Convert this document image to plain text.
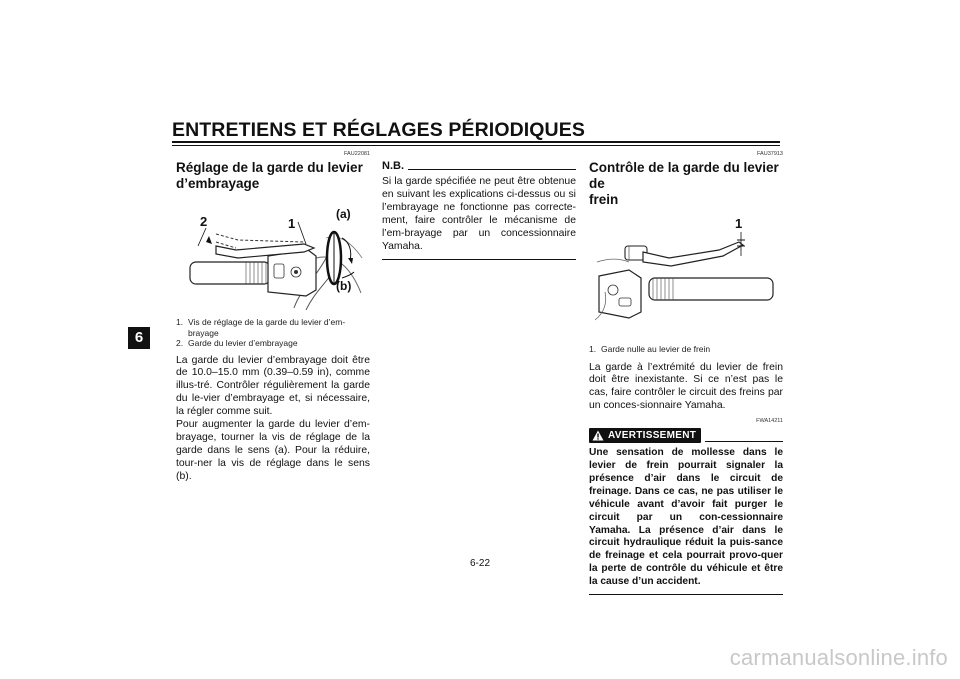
ENTRETIENS ET RÉGLAGES PÉRIODIQUES
6
FAU22081
Réglage de la garde du levier
d’embrayage
2	1
(a)
(b)
1. Vis de réglage de la garde du levier d’em-
brayage
2. Garde du levier d’embrayage
La garde du levier d’embrayage doit être de 10.0–15.0 mm (0.39–0.59 in), comme illus-tré. Contrôler régulièrement la garde du le-vier d’embrayage et, si nécessaire, la régler comme suit.
Pour augmenter la garde du levier d’em-brayage, tourner la vis de réglage de la garde dans le sens (a). Pour la réduire, tour-ner la vis de réglage dans le sens (b).
N.B.
Si la garde spécifiée ne peut être obtenue en suivant les explications ci-dessus ou si l’embrayage ne fonctionne pas correcte-ment, faire contrôler le mécanisme de l’em-brayage par un concessionnaire Yamaha.
FAU37913
Contrôle de la garde du levier de
frein
1
1. Garde nulle au levier de frein
La garde à l’extrémité du levier de frein doit être inexistante. Si ce n’est pas le cas, faire contrôler le circuit des freins par un conces-sionnaire Yamaha.
FWA14211
AVERTISSEMENT
Une sensation de mollesse dans le levier de frein pourrait signaler la présence d’air dans le circuit de freinage. Dans ce cas, ne pas utiliser le véhicule avant d’avoir fait purger le circuit par un con-cessionnaire Yamaha. La présence d’air dans le circuit hydraulique réduit la puis-sance de freinage et cela pourrait provo-quer la perte de contrôle du véhicule et être la cause d’un accident.
6-22
carmanualsonline.info
